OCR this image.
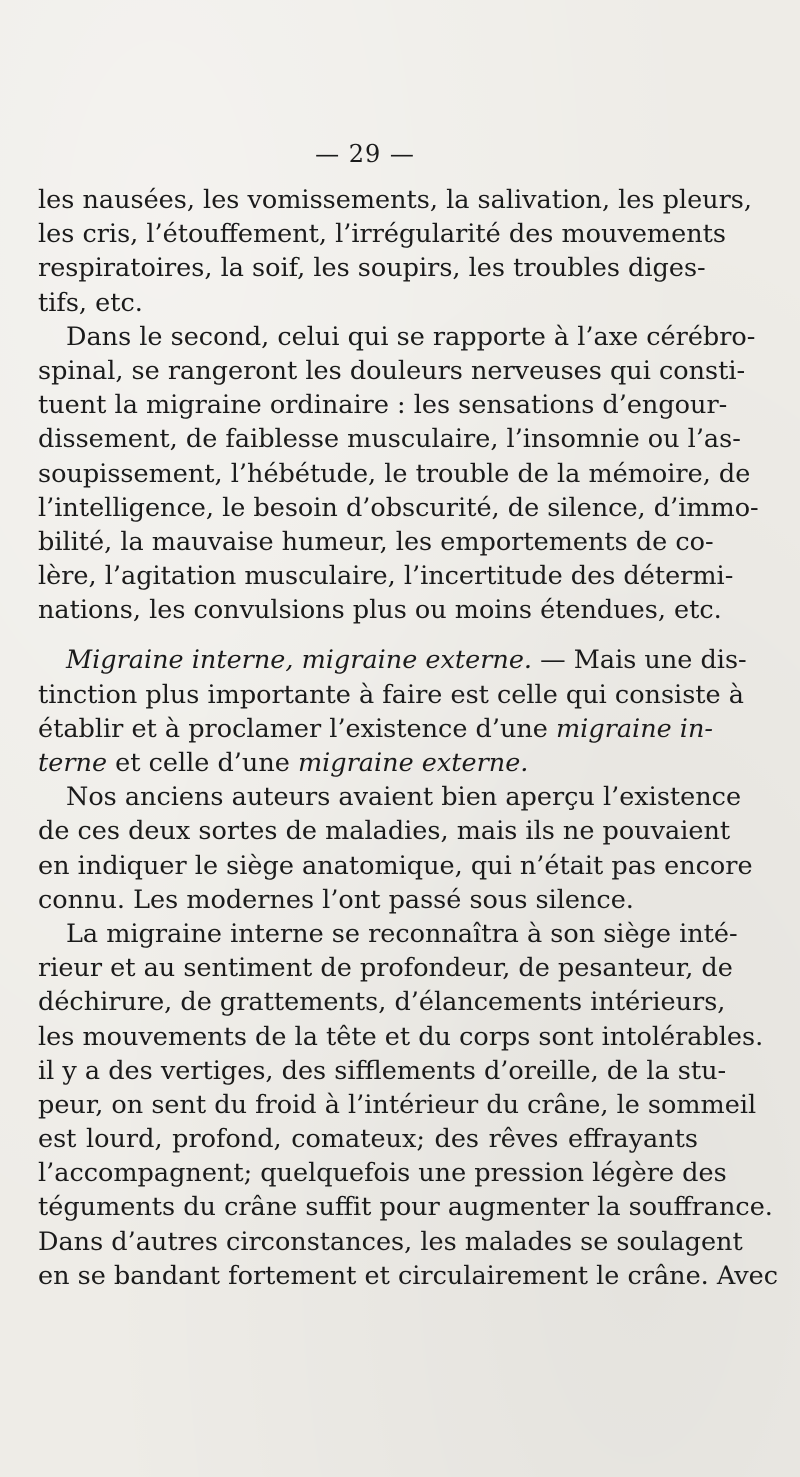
— 29 —
les nausées, les vomissements, la salivation, les pleurs,
les cris, l’étouffement, l’irrégularité des mouvements
respiratoires, la soif, les soupirs, les troubles diges-
tifs, etc.
Dans le second, celui qui se rapporte à l’axe cérébro-
spinal, se rangeront les douleurs nerveuses qui consti-
tuent la migraine ordinaire : les sensations d’engour-
dissement, de faiblesse musculaire, l’insomnie ou l’as-
soupissement, l’hébétude, le trouble de la mémoire, de
l’intelligence, le besoin d’obscurité, de silence, d’immo-
bilité, la mauvaise humeur, les emportements de co-
lère, l’agitation musculaire, l’incertitude des détermi-
nations, les convulsions plus ou moins étendues, etc.
Migraine interne, migraine externe. — Mais une dis-
tinction plus importante à faire est celle qui consiste à
établir et à proclamer l’existence d’une migraine in-
terne et celle d’une migraine externe.
Nos anciens auteurs avaient bien aperçu l’existence
de ces deux sortes de maladies, mais ils ne pouvaient
en indiquer le siège anatomique, qui n’était pas encore
connu. Les modernes l’ont passé sous silence.
La migraine interne se reconnaîtra à son siège inté-
rieur et au sentiment de profondeur, de pesanteur, de
déchirure, de grattements, d’élancements intérieurs,
les mouvements de la tête et du corps sont intolérables.
il y a des vertiges, des sifflements d’oreille, de la stu-
peur, on sent du froid à l’intérieur du crâne, le sommeil
est lourd, profond, comateux; des rêves effrayants
l’accompagnent; quelquefois une pression légère des
téguments du crâne suffit pour augmenter la souffrance.
Dans d’autres circonstances, les malades se soulagent
en se bandant fortement et circulairement le crâne. Avec
